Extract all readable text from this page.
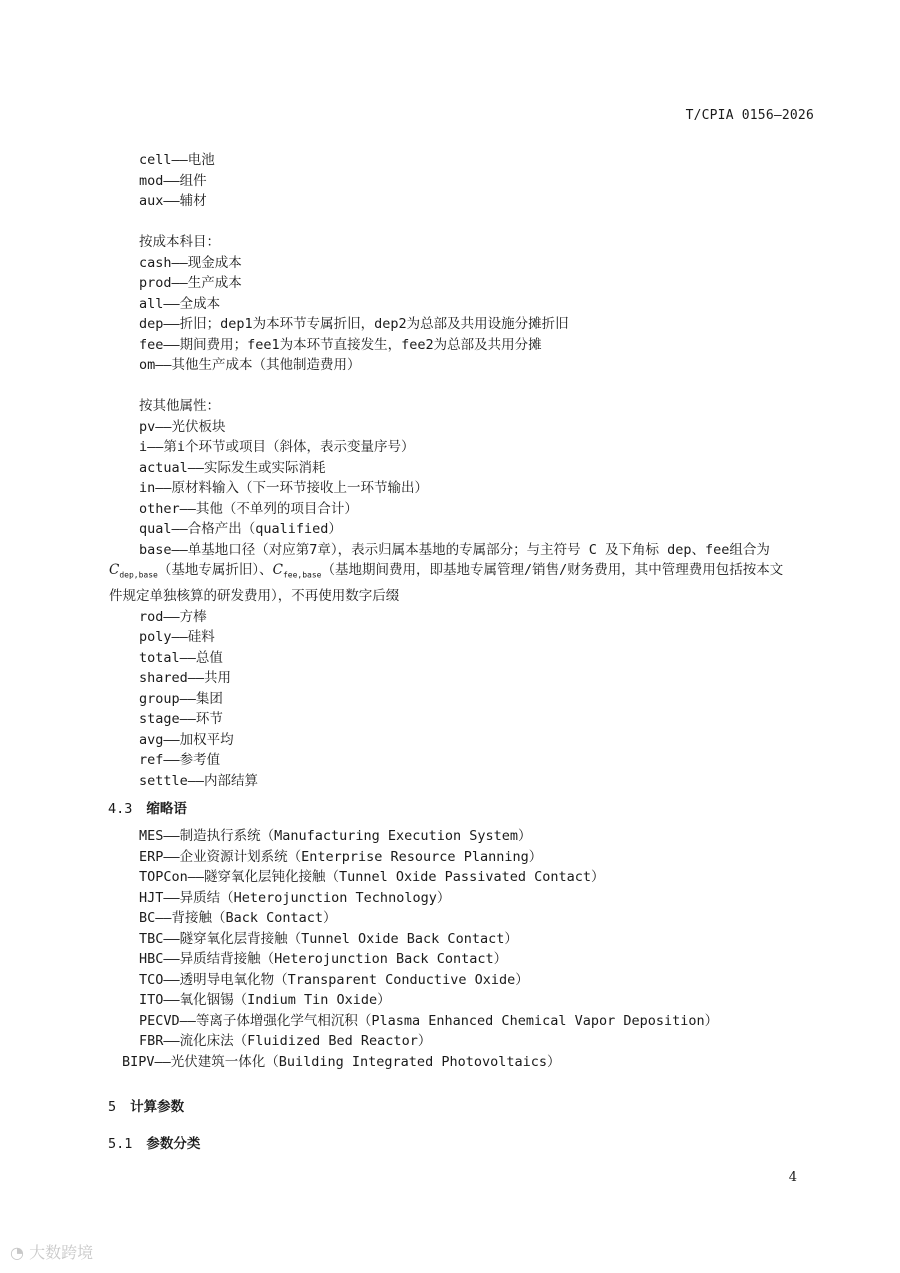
T/CPIA 0156—2026
cell——电池
mod——组件
aux——辅材
按成本科目：
cash——现金成本
prod——生产成本
all——全成本
dep——折旧；dep1为本环节专属折旧，dep2为总部及共用设施分摊折旧
fee——期间费用；fee1为本环节直接发生，fee2为总部及共用分摊
om——其他生产成本（其他制造费用）
按其他属性：
pv——光伏板块
i——第i个环节或项目（斜体，表示变量序号）
actual——实际发生或实际消耗
in——原材料输入（下一环节接收上一环节输出）
other——其他（不单列的项目合计）
qual——合格产出（qualified）
base——单基地口径（对应第7章），表示归属本基地的专属部分；与主符号 C 及下角标 dep、fee组合为 $C_{dep,base}$（基地专属折旧）、$C_{fee,base}$（基地期间费用，即基地专属管理/销售/财务费用，其中管理费用包括按本文件规定单独核算的研发费用），不再使用数字后缀
rod——方棒
poly——硅料
total——总值
shared——共用
group——集团
stage——环节
avg——加权平均
ref——参考值
settle——内部结算
4.3 缩略语
MES——制造执行系统（Manufacturing Execution System）
ERP——企业资源计划系统（Enterprise Resource Planning）
TOPCon——隧穿氧化层钝化接触（Tunnel Oxide Passivated Contact）
HJT——异质结（Heterojunction Technology）
BC——背接触（Back Contact）
TBC——隧穿氧化层背接触（Tunnel Oxide Back Contact）
HBC——异质结背接触（Heterojunction Back Contact）
TCO——透明导电氧化物（Transparent Conductive Oxide）
ITO——氧化铟锡（Indium Tin Oxide）
PECVD——等离子体增强化学气相沉积（Plasma Enhanced Chemical Vapor Deposition）
FBR——流化床法（Fluidized Bed Reactor）
BIPV——光伏建筑一体化（Building Integrated Photovoltaics）
5 计算参数
5.1 参数分类
4
◔ 大数跨境
